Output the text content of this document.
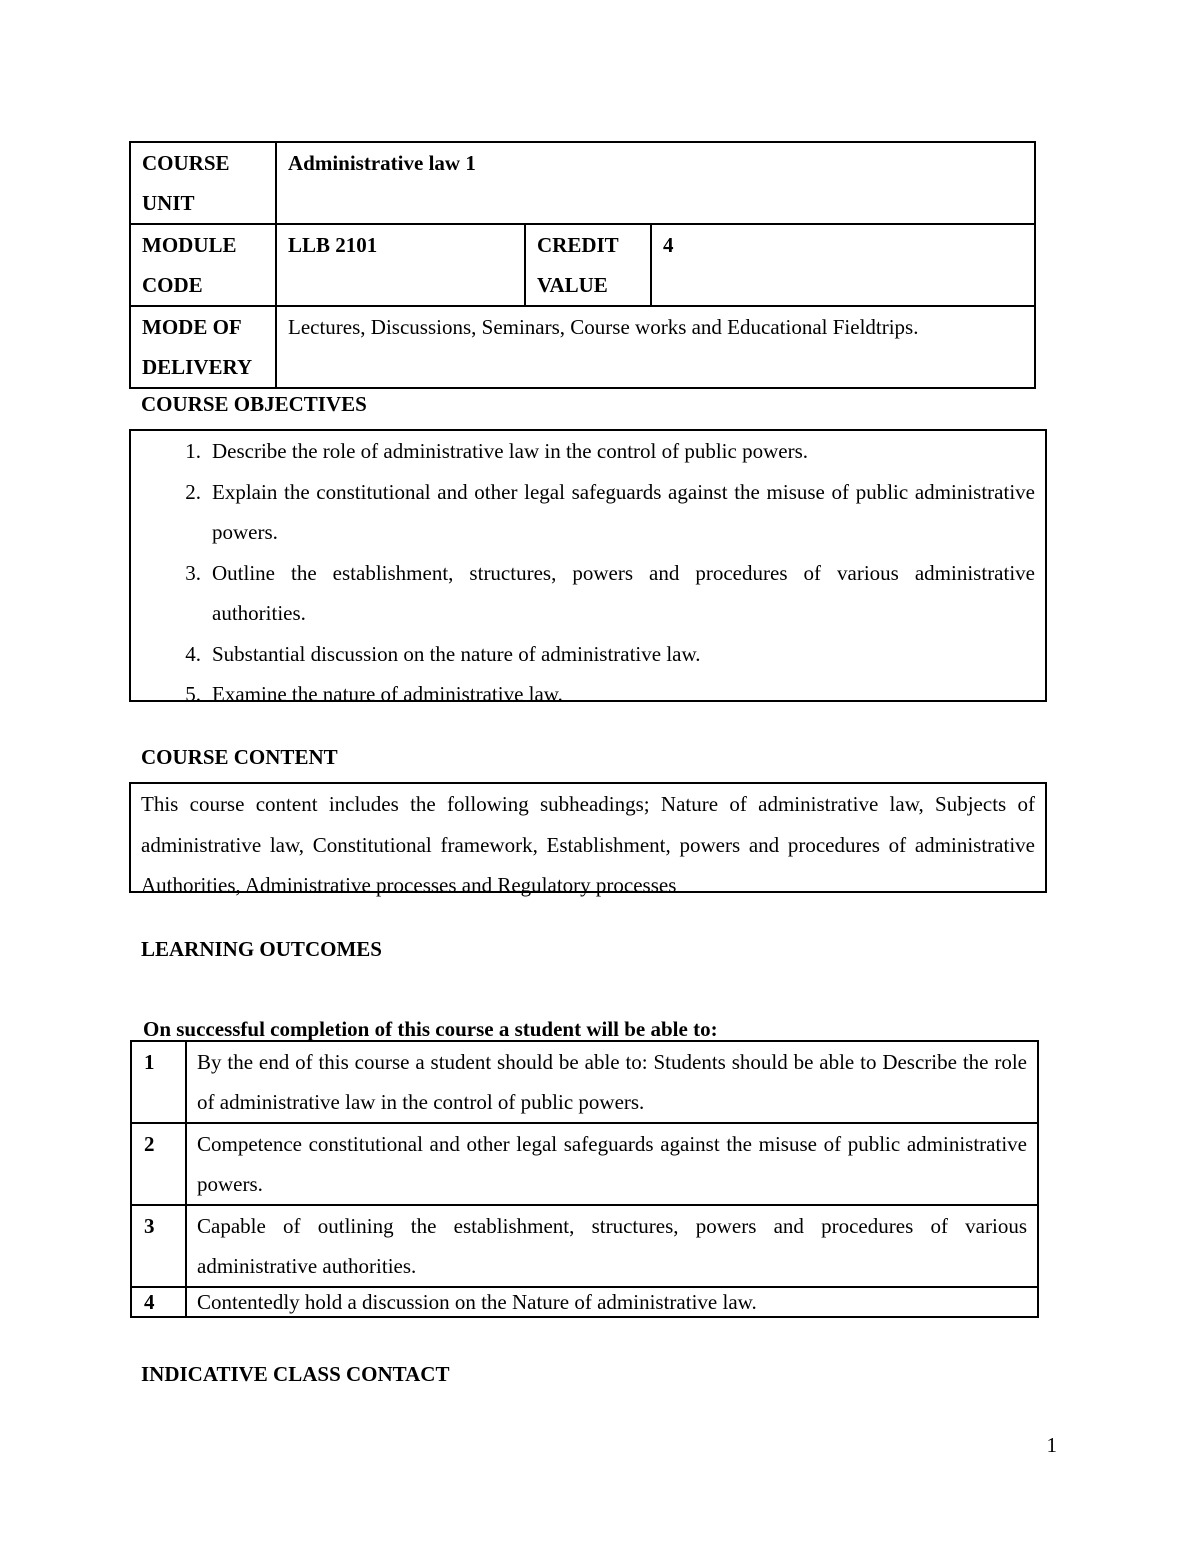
COURSE UNIT	Administrative law 1		
MODULE CODE	LLB 2101	CREDIT VALUE	4
MODE OF DELIVERY	Lectures, Discussions, Seminars, Course works and Educational Fieldtrips.		
COURSE OBJECTIVES
1. Describe the role of administrative law in the control of public powers.
2. Explain the constitutional and other legal safeguards against the misuse of public administrative powers.
3. Outline the establishment, structures, powers and procedures of various administrative authorities.
4. Substantial discussion on the nature of administrative law.
5. Examine the nature of administrative law.
COURSE CONTENT
This course content includes the following subheadings; Nature of administrative law, Subjects of administrative law, Constitutional framework, Establishment, powers and procedures of administrative Authorities, Administrative processes and Regulatory processes
LEARNING OUTCOMES
On successful completion of this course a student will be able to:
1	By the end of this course a student should be able to: Students should be able to Describe the role of administrative law in the control of public powers.
2	Competence constitutional and other legal safeguards against the misuse of public administrative powers.
3	Capable of outlining the establishment, structures, powers and procedures of various administrative authorities.
4	Contentedly hold a discussion on the Nature of administrative law.
INDICATIVE CLASS CONTACT
1
